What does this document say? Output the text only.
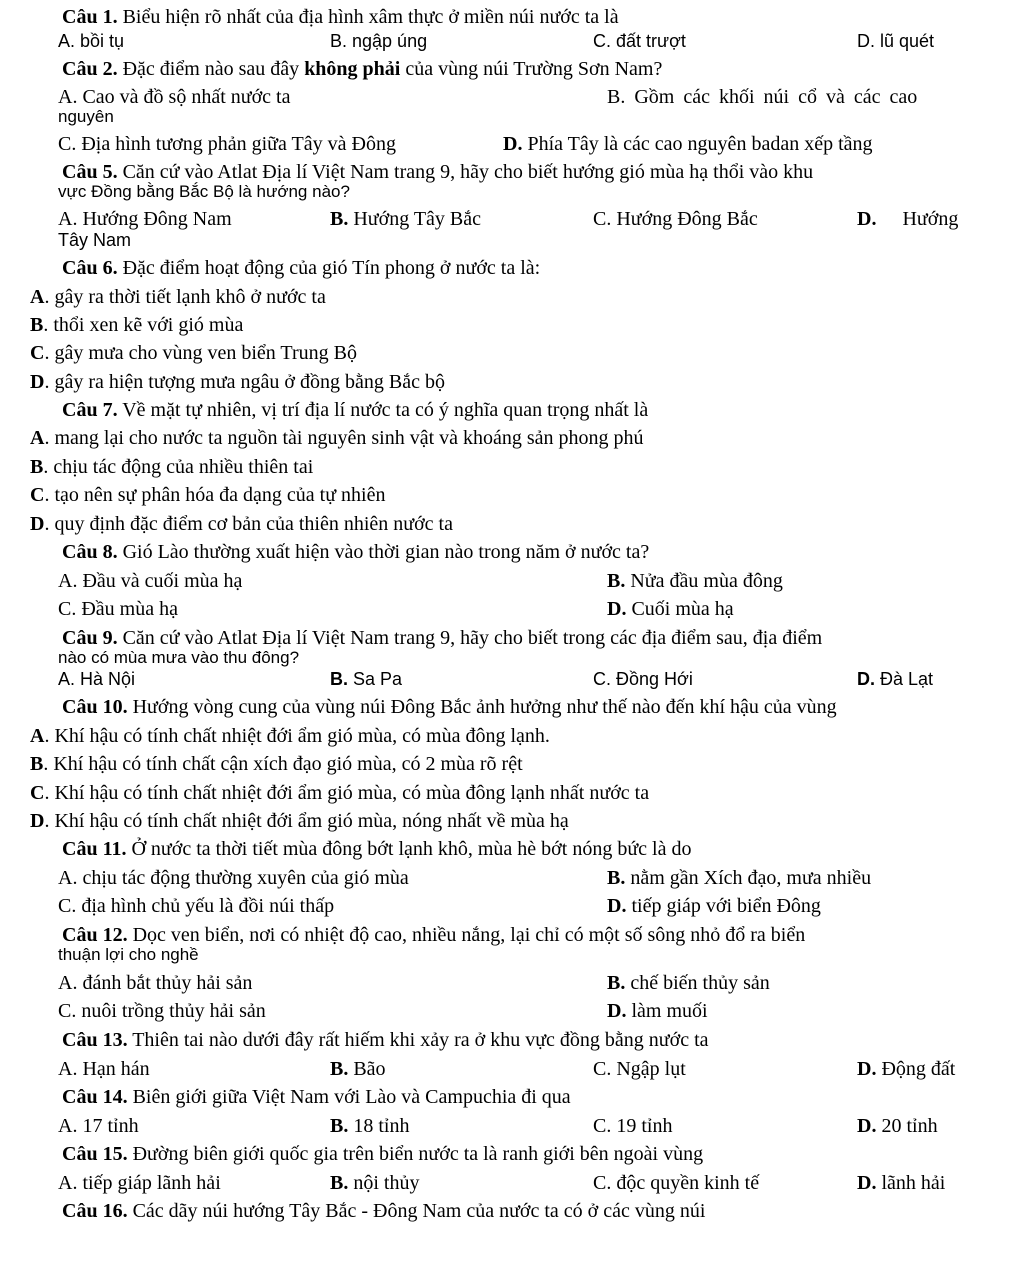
Câu 1. Biểu hiện rõ nhất của địa hình xâm thực ở miền núi nước ta là
A. bồi tụ	B. ngập úng	C. đất trượt	D. lũ quét
Câu 2. Đặc điểm nào sau đây không phải của vùng núi Trường Sơn Nam?
A. Cao và đồ sộ nhất nước ta	B. Gồm các khối núi cổ và các cao
nguyên
C. Địa hình tương phản giữa Tây và Đông	D. Phía Tây là các cao nguyên badan xếp tầng
Câu 5. Căn cứ vào Atlat Địa lí Việt Nam trang 9, hãy cho biết hướng gió mùa hạ thổi vào khu
vực Đồng bằng Bắc Bộ là hướng nào?
A. Hướng Đông Nam	B. Hướng Tây Bắc	C. Hướng Đông Bắc	D. Hướng
Tây Nam
Câu 6. Đặc điểm hoạt động của gió Tín phong ở nước ta là:
A. gây ra thời tiết lạnh khô ở nước ta
B. thổi xen kẽ với gió mùa
C. gây mưa cho vùng ven biển Trung Bộ
D. gây ra hiện tượng mưa ngâu ở đồng bằng Bắc bộ
Câu 7. Về mặt tự nhiên, vị trí địa lí nước ta có ý nghĩa quan trọng nhất là
A. mang lại cho nước ta nguồn tài nguyên sinh vật và khoáng sản phong phú
B. chịu tác động của nhiều thiên tai
C. tạo nên sự phân hóa đa dạng của tự nhiên
D. quy định đặc điểm cơ bản của thiên nhiên nước ta
Câu 8. Gió Lào thường xuất hiện vào thời gian nào trong năm ở nước ta?
A. Đầu và cuối mùa hạ	B. Nửa đầu mùa đông
C. Đầu mùa hạ	D. Cuối mùa hạ
Câu 9. Căn cứ vào Atlat Địa lí Việt Nam trang 9, hãy cho biết trong các địa điểm sau, địa điểm
nào có mùa mưa vào thu đông?
A. Hà Nội	B. Sa Pa	C. Đồng Hới	D. Đà Lạt
Câu 10. Hướng vòng cung của vùng núi Đông Bắc ảnh hưởng như thế nào đến khí hậu của vùng
A. Khí hậu có tính chất nhiệt đới ẩm gió mùa, có mùa đông lạnh.
B. Khí hậu có tính chất cận xích đạo gió mùa, có 2 mùa rõ rệt
C. Khí hậu có tính chất nhiệt đới ẩm gió mùa, có mùa đông lạnh nhất nước ta
D. Khí hậu có tính chất nhiệt đới ẩm gió mùa, nóng nhất về mùa hạ
Câu 11. Ở nước ta thời tiết mùa đông bớt lạnh khô, mùa hè bớt nóng bức là do
A. chịu tác động thường xuyên của gió mùa	B. nằm gần Xích đạo, mưa nhiều
C. địa hình chủ yếu là đồi núi thấp	D. tiếp giáp với biển Đông
Câu 12. Dọc ven biển, nơi có nhiệt độ cao, nhiều nắng, lại chỉ có một số sông nhỏ đổ ra biển
thuận lợi cho nghề
A. đánh bắt thủy hải sản	B. chế biến thủy sản
C. nuôi trồng thủy hải sản	D. làm muối
Câu 13. Thiên tai nào dưới đây rất hiếm khi xảy ra ở khu vực đồng bằng nước ta
A. Hạn hán	B. Bão	C. Ngập lụt	D. Động đất
Câu 14. Biên giới giữa Việt Nam với Lào và Campuchia đi qua
A. 17 tỉnh	B. 18 tỉnh	C. 19 tỉnh	D. 20 tỉnh
Câu 15. Đường biên giới quốc gia trên biển nước ta là ranh giới bên ngoài vùng
A. tiếp giáp lãnh hải	B. nội thủy	C. độc quyền kinh tế	D. lãnh hải
Câu 16. Các dãy núi hướng Tây Bắc - Đông Nam của nước ta có ở các vùng núi
